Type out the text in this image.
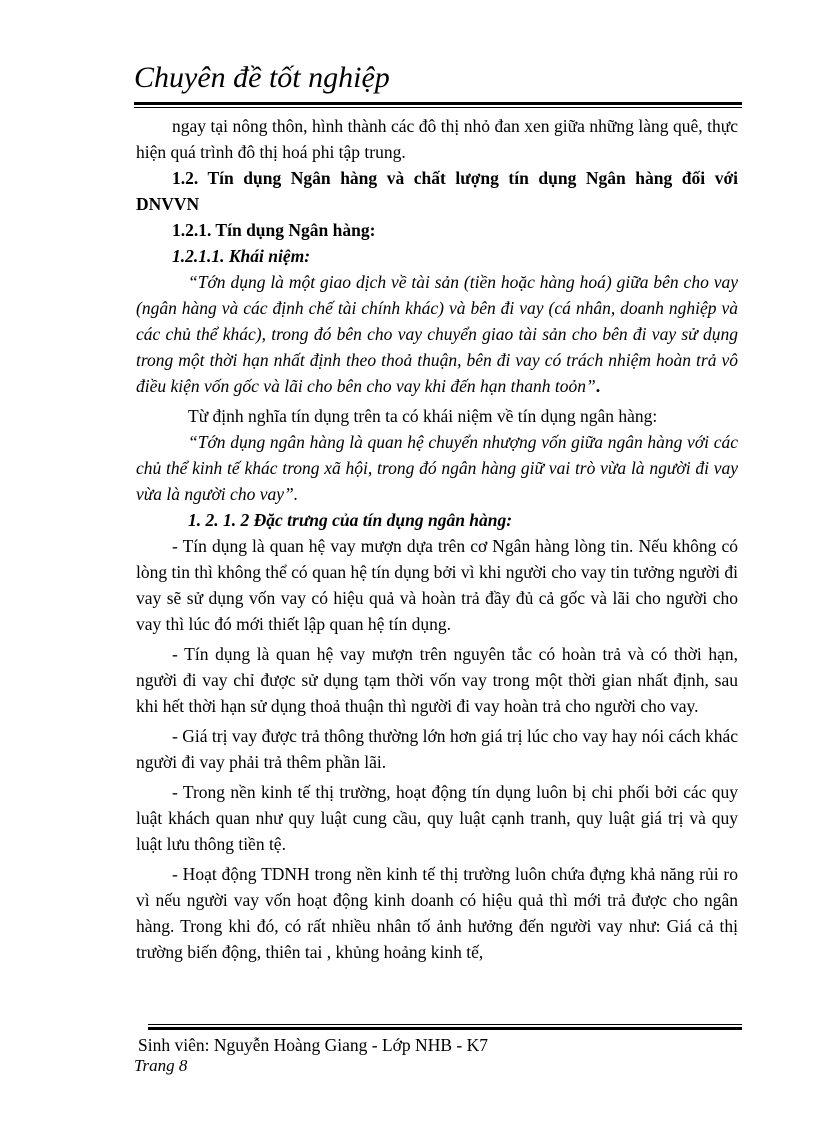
Chuyên đề tốt nghiệp

ngay tại nông thôn, hình thành các đô thị nhỏ đan xen giữa những làng quê, thực hiện quá trình đô thị hoá phi tập trung.

1.2. Tín dụng Ngân hàng và chất lượng tín dụng Ngân hàng đối với DNVVN

1.2.1. Tín dụng Ngân hàng:

1.2.1.1. Khái niệm:

“Tớn dụng là một giao dịch về tài sản (tiền hoặc hàng hoá) giữa bên cho vay (ngân hàng và các định chế tài chính khác) và bên đi vay (cá nhân, doanh nghiệp và các chủ thể khác), trong đó bên cho vay chuyển giao tài sản cho bên đi vay sử dụng trong một thời hạn nhất định theo thoả thuận, bên đi vay có trách nhiệm hoàn trả vô điều kiện vốn gốc và lãi cho bên cho vay khi đến hạn thanh toỏn”.

Từ định nghĩa tín dụng trên ta có khái niệm về tín dụng ngân hàng:

“Tớn dụng ngân hàng là quan hệ chuyển nhượng vốn giữa ngân hàng với các chủ thể kinh tế khác trong xã hội, trong đó ngân hàng giữ vai trò vừa là người đi vay vừa là người cho vay”.

1. 2. 1. 2 Đặc trưng của tín dụng ngân hàng:

- Tín dụng là quan hệ vay mượn dựa trên cơ Ngân hàng lòng tin. Nếu không có lòng tin thì không thể có quan hệ tín dụng bởi vì khi người cho vay tin tưởng người đi vay sẽ sử dụng vốn vay có hiệu quả và hoàn trả đầy đủ cả gốc và lãi cho người cho vay thì lúc đó mới thiết lập quan hệ tín dụng.

- Tín dụng là quan hệ vay mượn trên nguyên tắc có hoàn trả và có thời hạn, người đi vay chỉ được sử dụng tạm thời vốn vay trong một thời gian nhất định, sau khi hết thời hạn sử dụng thoả thuận thì người đi vay hoàn trả cho người cho vay.

- Giá trị vay được trả thông thường lớn hơn giá trị lúc cho vay hay nói cách khác người đi vay phải trả thêm phần lãi.

- Trong nền kinh tế thị trường, hoạt động tín dụng luôn bị chi phối bởi các quy luật khách quan như quy luật cung cầu, quy luật cạnh tranh, quy luật giá trị và quy luật lưu thông tiền tệ.

- Hoạt động TDNH trong nền kinh tế thị trường luôn chứa đựng khả năng rủi ro vì nếu người vay vốn hoạt động kinh doanh có hiệu quả thì mới trả được cho ngân hàng. Trong khi đó, có rất nhiều nhân tố ảnh hưởng đến người vay như: Giá cả thị trường biến động, thiên tai , khủng hoảng kinh tế,

Sinh viên: Nguyễn Hoàng Giang - Lớp NHB - K7
Trang 8
